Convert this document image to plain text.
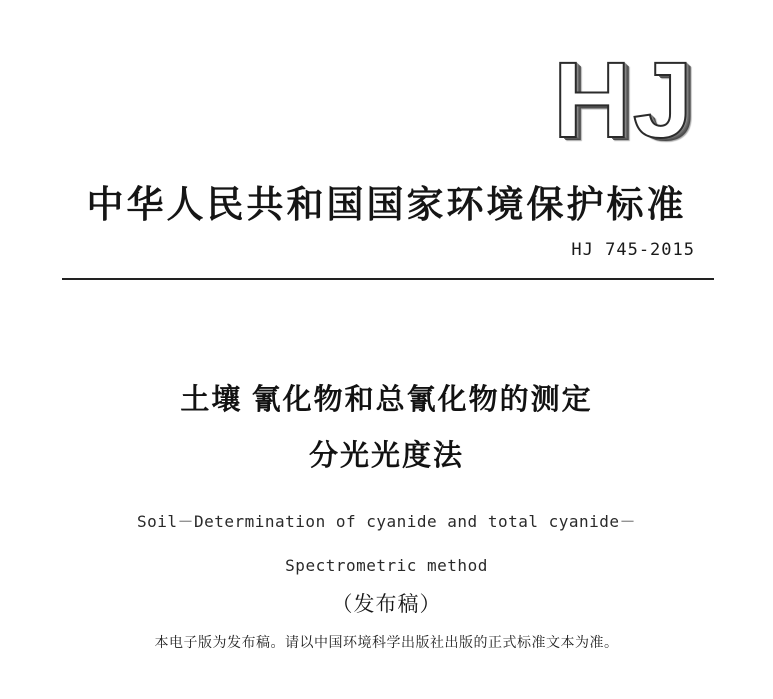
HJ
中华人民共和国国家环境保护标准
HJ 745-2015
土壤 氰化物和总氰化物的测定
分光光度法
Soil－Determination of cyanide and total cyanide－
Spectrometric method
（发布稿）
本电子版为发布稿。请以中国环境科学出版社出版的正式标准文本为准。
